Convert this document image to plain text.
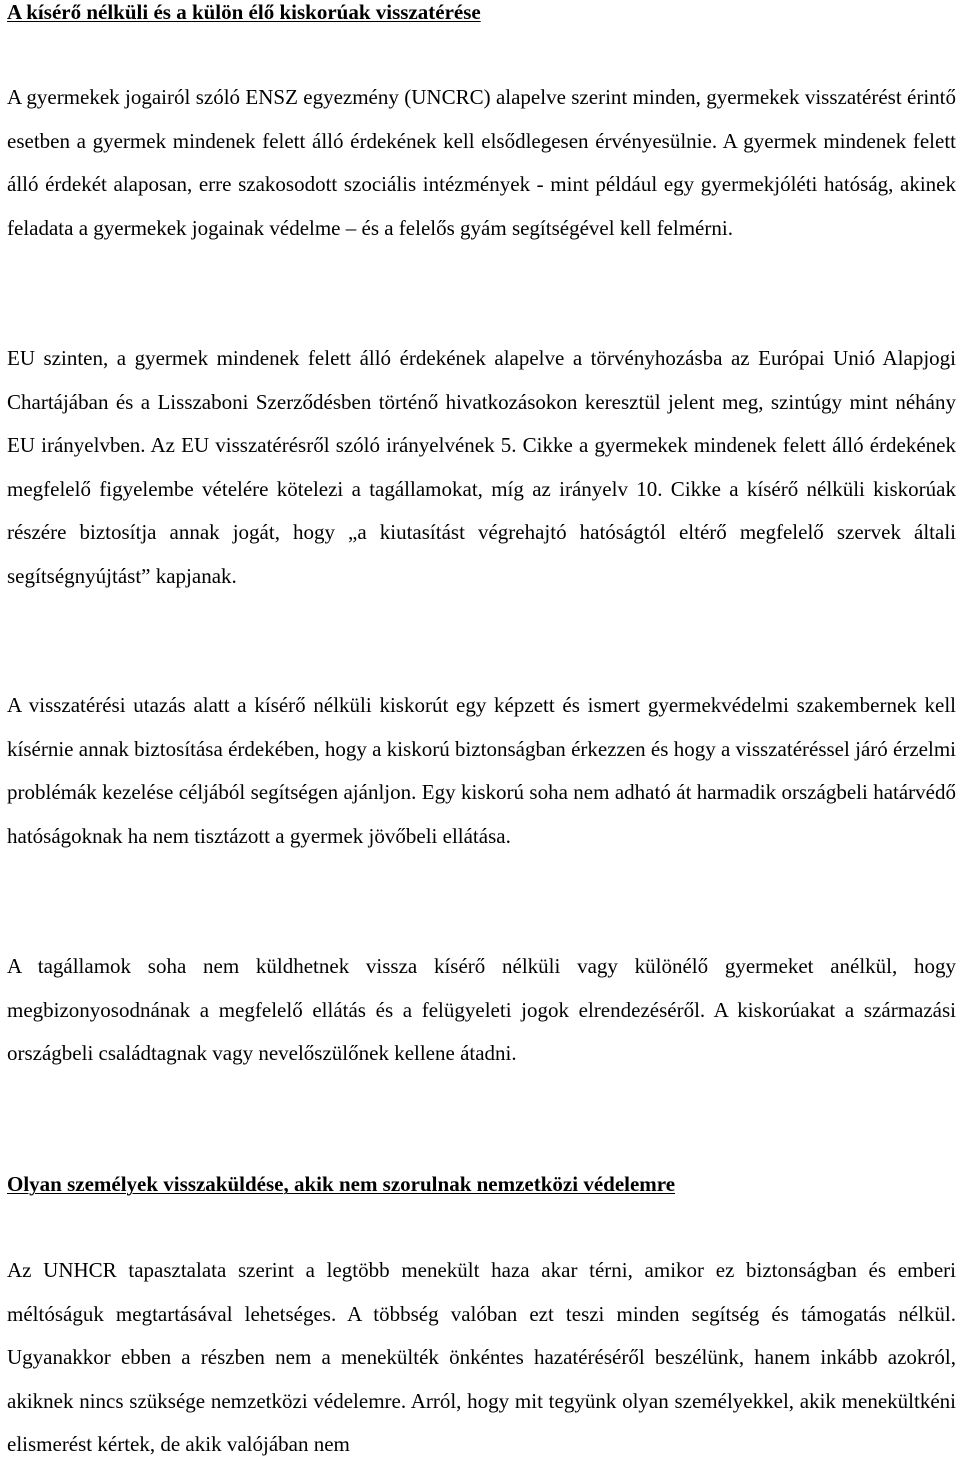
A kísérő nélküli és a külön élő kiskorúak visszatérése

A gyermekek jogairól szóló ENSZ egyezmény (UNCRC) alapelve szerint minden, gyermekek visszatérést érintő esetben a gyermek mindenek felett álló érdekének kell elsődlegesen érvényesülnie. A gyermek mindenek felett álló érdekét alaposan, erre szakosodott szociális intézmények - mint például egy gyermekjóléti hatóság, akinek feladata a gyermekek jogainak védelme – és a felelős gyám segítségével kell felmérni.

EU szinten, a gyermek mindenek felett álló érdekének alapelve a törvényhozásba az Európai Unió Alapjogi Chartájában és a Lisszaboni Szerződésben történő hivatkozásokon keresztül jelent meg, szintúgy mint néhány EU irányelvben. Az EU visszatérésről szóló irányelvének 5. Cikke a gyermekek mindenek felett álló érdekének megfelelő figyelembe vételére kötelezi a tagállamokat, míg az irányelv 10. Cikke a kísérő nélküli kiskorúak részére biztosítja annak jogát, hogy „a kiutasítást végrehajtó hatóságtól eltérő megfelelő szervek általi segítségnyújtást” kapjanak.

A visszatérési utazás alatt a kísérő nélküli kiskorút egy képzett és ismert gyermekvédelmi szakembernek kell kísérnie annak biztosítása érdekében, hogy a kiskorú biztonságban érkezzen és hogy a visszatéréssel járó érzelmi problémák kezelése céljából segítségen ajánljon. Egy kiskorú soha nem adható át harmadik országbeli határvédő hatóságoknak ha nem tisztázott a gyermek jövőbeli ellátása.

A tagállamok soha nem küldhetnek vissza kísérő nélküli vagy különélő gyermeket anélkül, hogy megbizonyosodnának a megfelelő ellátás és a felügyeleti jogok elrendezéséről. A kiskorúakat a származási országbeli családtagnak vagy nevelőszülőnek kellene átadni.

Olyan személyek visszaküldése, akik nem szorulnak nemzetközi védelemre

Az UNHCR tapasztalata szerint a legtöbb menekült haza akar térni, amikor ez biztonságban és emberi méltóságuk megtartásával lehetséges. A többség valóban ezt teszi minden segítség és támogatás nélkül. Ugyanakkor ebben a részben nem a menekülték önkéntes hazatéréséről beszélünk, hanem inkább azokról, akiknek nincs szüksége nemzetközi védelemre. Arról, hogy mit tegyünk olyan személyekkel, akik menekültkéni elismerést kértek, de akik valójában nem
